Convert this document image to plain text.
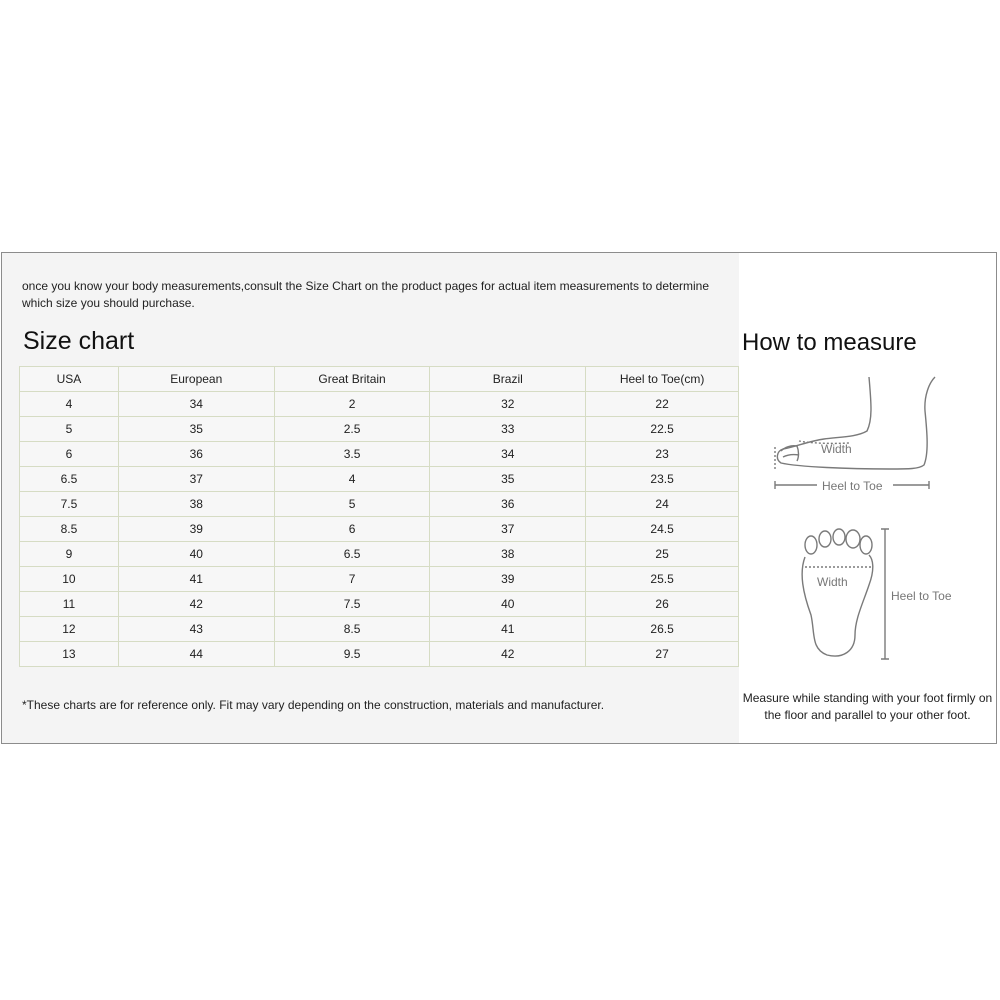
once you know your body measurements,consult the Size Chart on the product pages for actual item measurements to determine which size you should purchase.
Size chart
USA	European	Great Britain	Brazil	Heel to Toe(cm)
4	34	2	32	22
5	35	2.5	33	22.5
6	36	3.5	34	23
6.5	37	4	35	23.5
7.5	38	5	36	24
8.5	39	6	37	24.5
9	40	6.5	38	25
10	41	7	39	25.5
11	42	7.5	40	26
12	43	8.5	41	26.5
13	44	9.5	42	27
*These charts are for reference only. Fit may vary depending on the construction, materials and manufacturer.
How to measure
Width
Heel to Toe
Width
Heel to Toe
Measure while standing with your foot firmly on the floor and parallel to your other foot.
